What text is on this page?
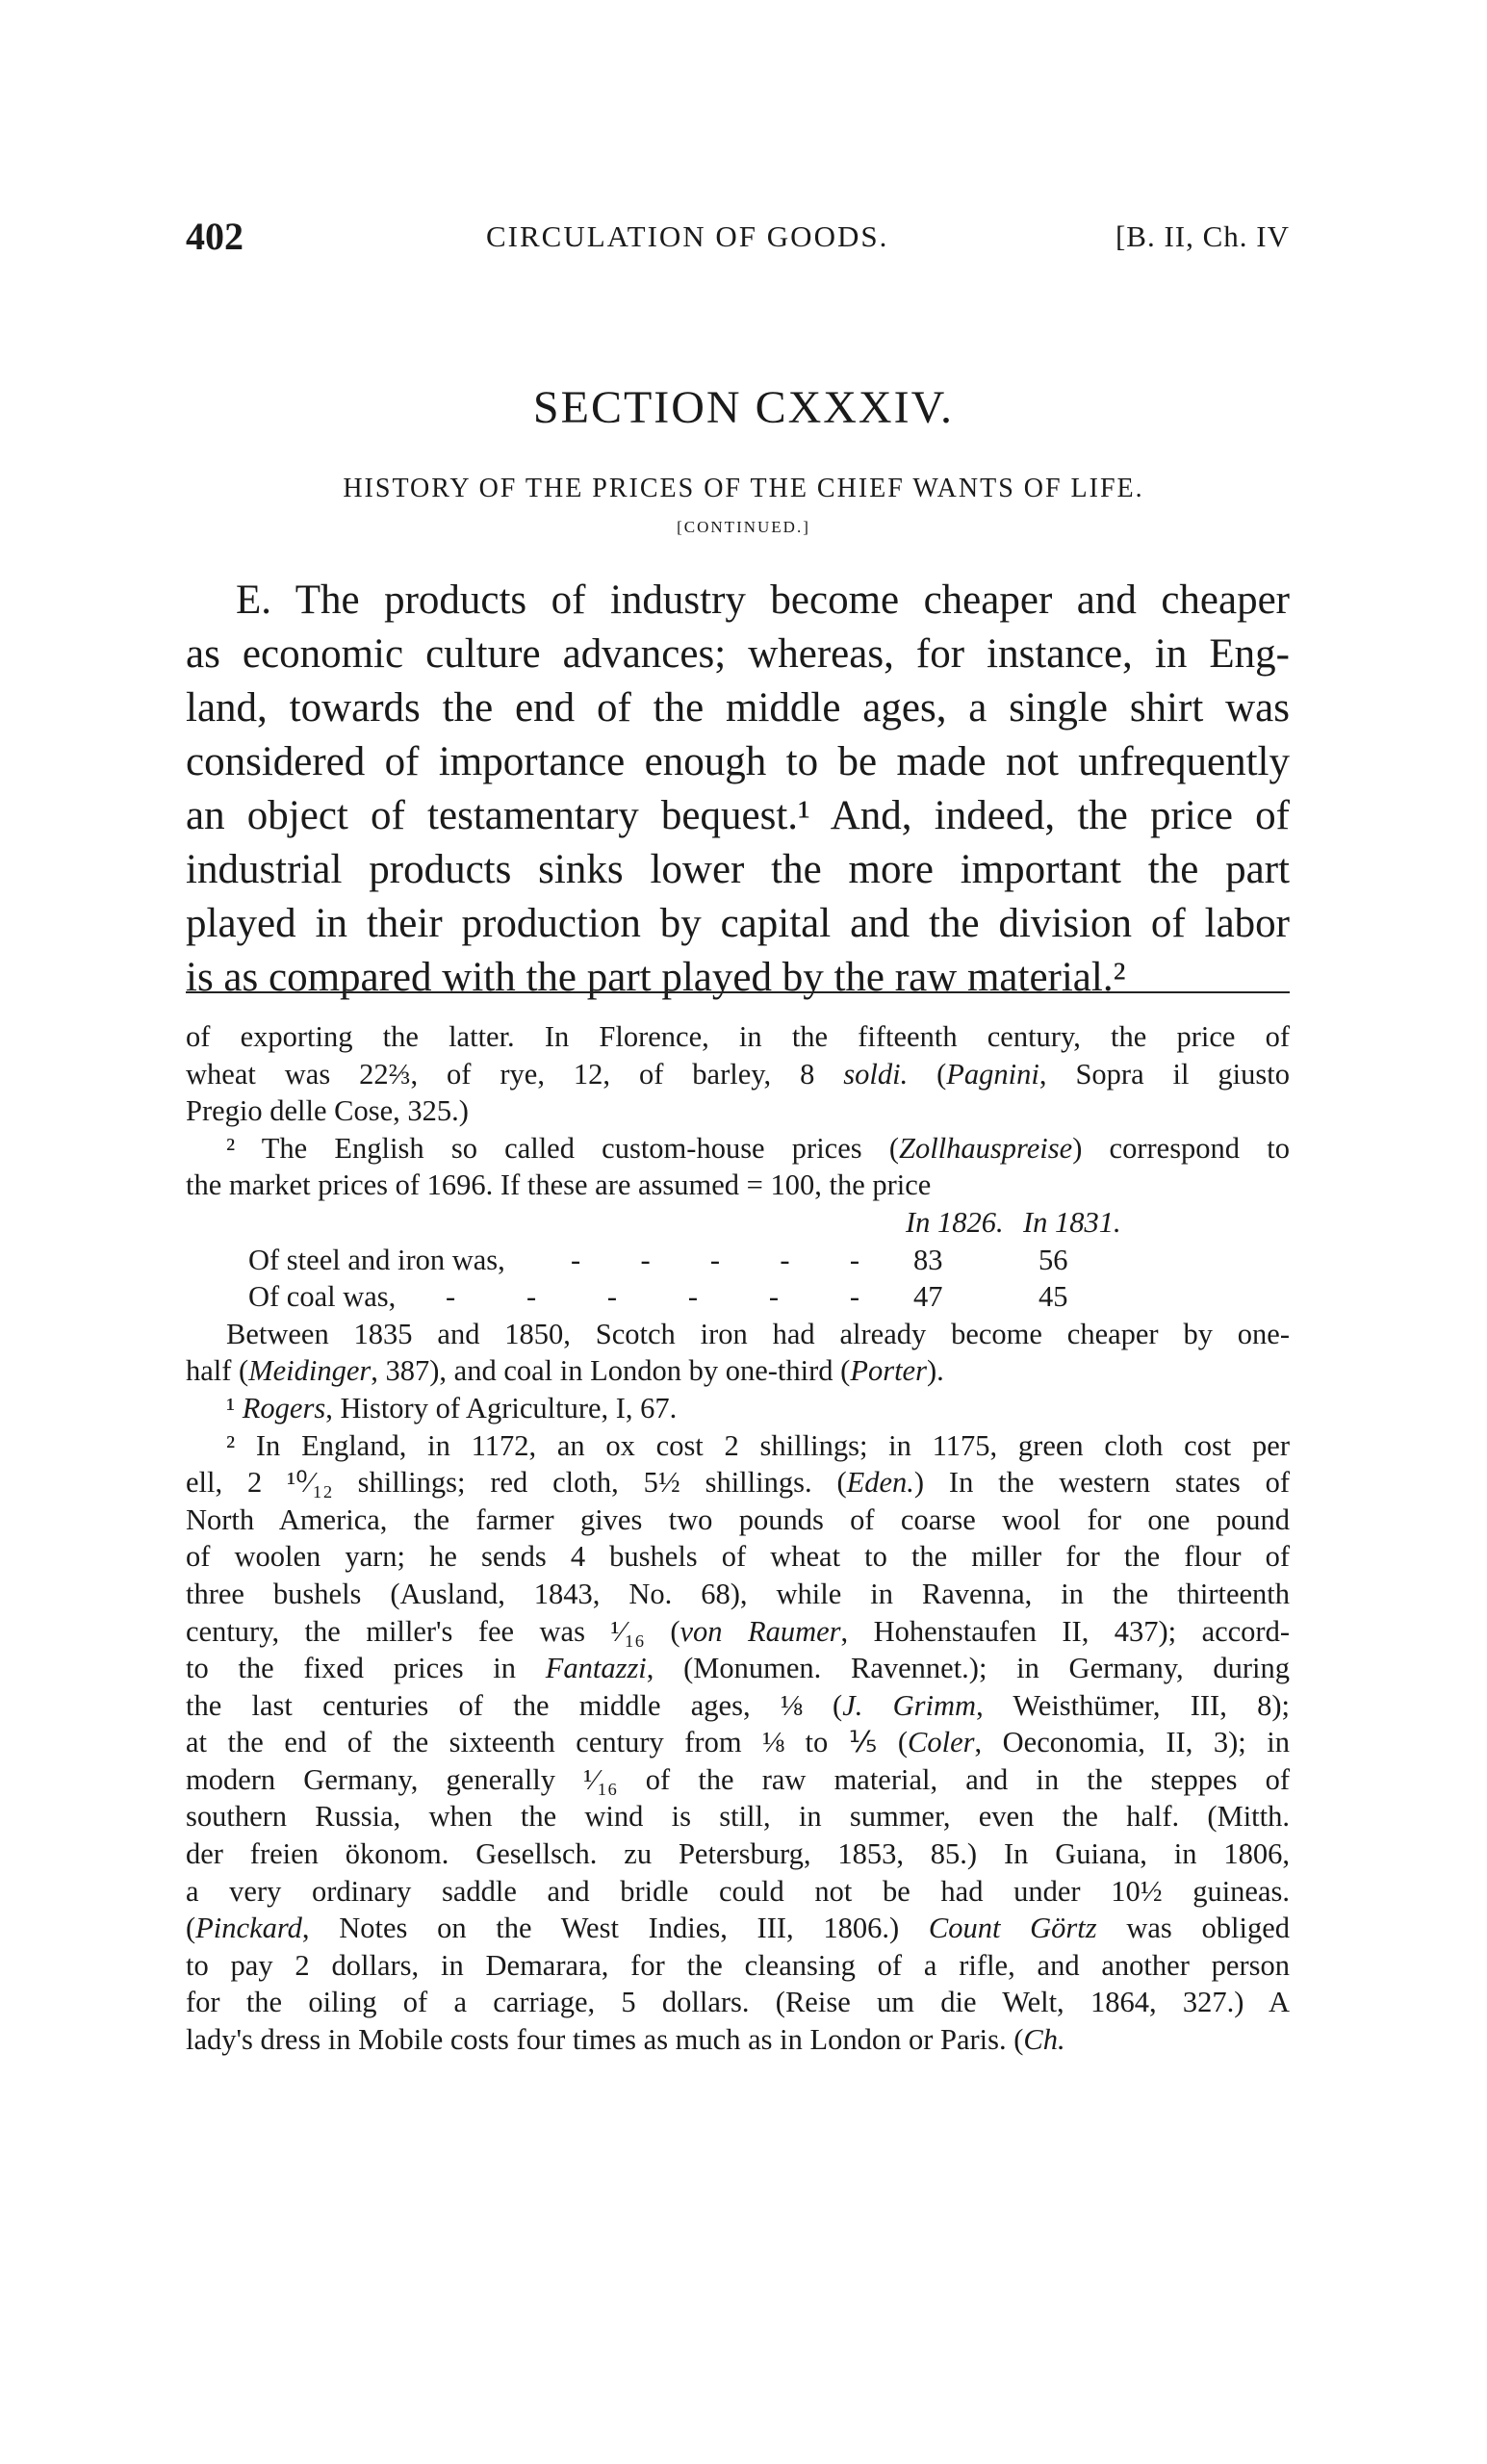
402	CIRCULATION OF GOODS.	[B. II, Ch. IV
SECTION CXXXIV.
HISTORY OF THE PRICES OF THE CHIEF WANTS OF LIFE.
[CONTINUED.]
E. The products of industry become cheaper and cheaper
as economic culture advances; whereas, for instance, in Eng-
land, towards the end of the middle ages, a single shirt was
considered of importance enough to be made not unfrequently
an object of testamentary bequest.¹ And, indeed, the price of
industrial products sinks lower the more important the part
played in their production by capital and the division of labor
is as compared with the part played by the raw material.²
of exporting the latter. In Florence, in the fifteenth century, the price of
wheat was 22⅔, of rye, 12, of barley, 8 soldi. (Pagnini, Sopra il giusto
Pregio delle Cose, 325.)
² The English so called custom-house prices (Zollhauspreise) correspond to
the market prices of 1696. If these are assumed = 100, the price
In 1826. In 1831.
Of steel and iron was, - - - - - 83	56
Of coal was, - - - - - - 47	45
Between 1835 and 1850, Scotch iron had already become cheaper by one-
half (Meidinger, 387), and coal in London by one-third (Porter).
¹ Rogers, History of Agriculture, I, 67.
² In England, in 1172, an ox cost 2 shillings; in 1175, green cloth cost per
ell, 2 ¹⁰⁄₁₂ shillings; red cloth, 5½ shillings. (Eden.) In the western states of
North America, the farmer gives two pounds of coarse wool for one pound
of woolen yarn; he sends 4 bushels of wheat to the miller for the flour of
three bushels (Ausland, 1843, No. 68), while in Ravenna, in the thirteenth
century, the miller's fee was ¹⁄₁₆ (von Raumer, Hohenstaufen II, 437); accord-
to the fixed prices in Fantazzi, (Monumen. Ravennet.); in Germany, during
the last centuries of the middle ages, ⅛ (J. Grimm, Weisthümer, III, 8);
at the end of the sixteenth century from ⅛ to ⅕ (Coler, Oeconomia, II, 3); in
modern Germany, generally ¹⁄₁₆ of the raw material, and in the steppes of
southern Russia, when the wind is still, in summer, even the half. (Mitth.
der freien ökonom. Gesellsch. zu Petersburg, 1853, 85.) In Guiana, in 1806,
a very ordinary saddle and bridle could not be had under 10½ guineas.
(Pinckard, Notes on the West Indies, III, 1806.) Count Görtz was obliged
to pay 2 dollars, in Demarara, for the cleansing of a rifle, and another person
for the oiling of a carriage, 5 dollars. (Reise um die Welt, 1864, 327.) A
lady's dress in Mobile costs four times as much as in London or Paris. (Ch.
